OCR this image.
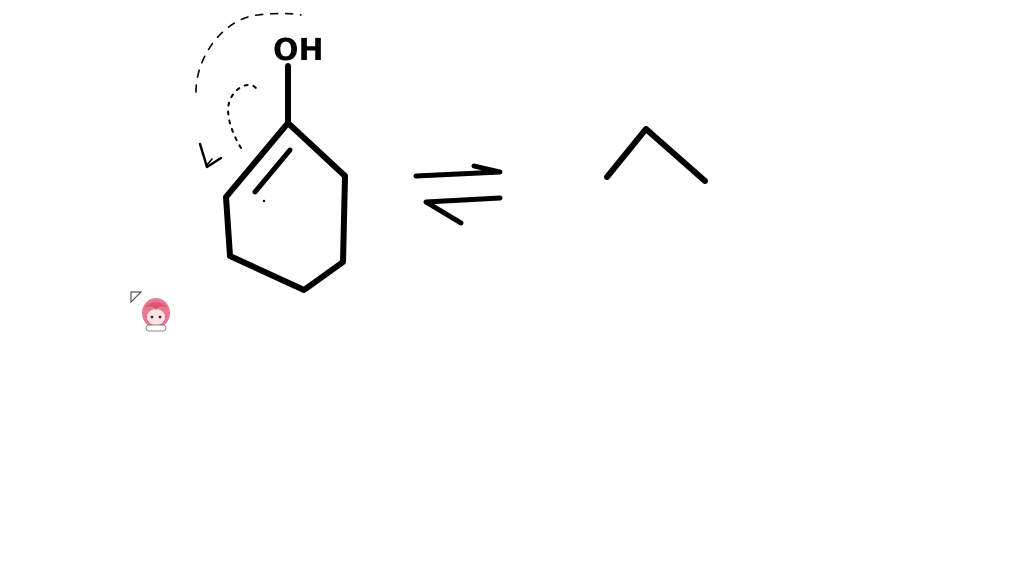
OH
